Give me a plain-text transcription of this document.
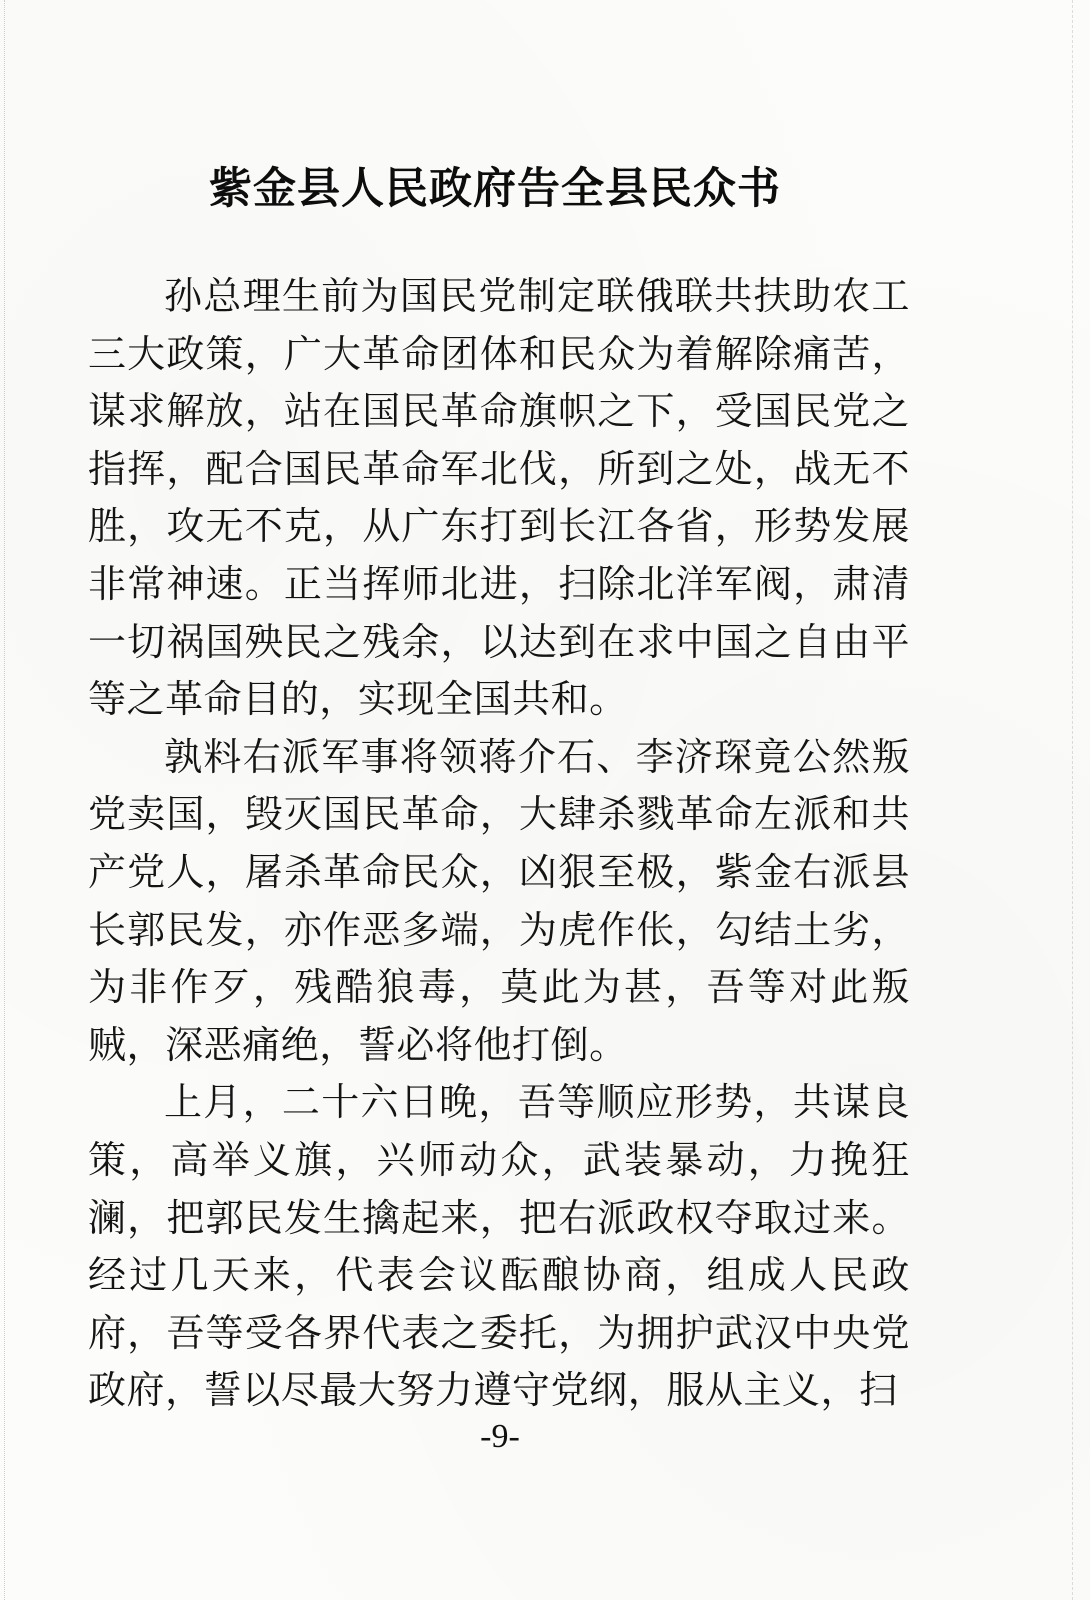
紫金县人民政府告全县民众书

孙总理生前为国民党制定联俄联共扶助农工三大政策，广大革命团体和民众为着解除痛苦，谋求解放，站在国民革命旗帜之下，受国民党之指挥，配合国民革命军北伐，所到之处，战无不胜，攻无不克，从广东打到长江各省，形势发展非常神速。正当挥师北进，扫除北洋军阀，肃清一切祸国殃民之残余，以达到在求中国之自由平等之革命目的，实现全国共和。

孰料右派军事将领蒋介石、李济琛竟公然叛党卖国，毁灭国民革命，大肆杀戮革命左派和共产党人，屠杀革命民众，凶狠至极，紫金右派县长郭民发，亦作恶多端，为虎作伥，勾结土劣，为非作歹，残酷狼毒，莫此为甚，吾等对此叛贼，深恶痛绝，誓必将他打倒。

上月，二十六日晚，吾等顺应形势，共谋良策，高举义旗，兴师动众，武装暴动，力挽狂澜，把郭民发生擒起来，把右派政权夺取过来。经过几天来，代表会议酝酿协商，组成人民政府，吾等受各界代表之委托，为拥护武汉中央党政府，誓以尽最大努力遵守党纲，服从主义，扫

-9-
